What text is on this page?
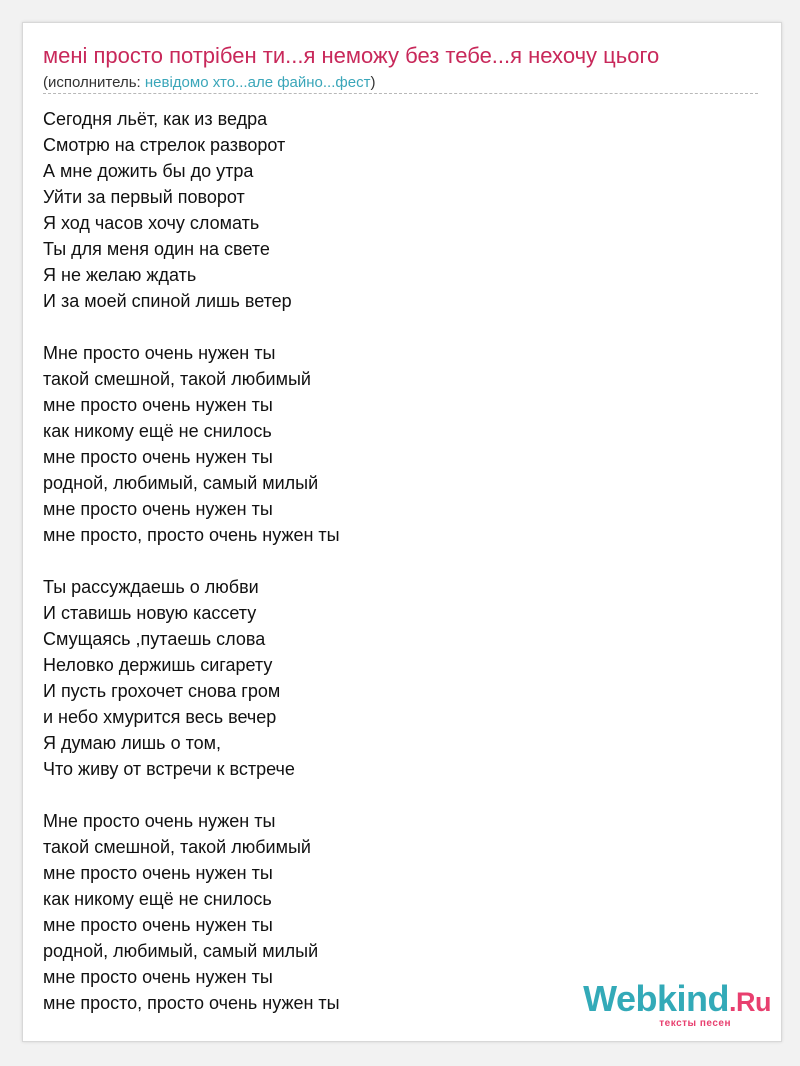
мені просто потрібен ти...я неможу без тебе...я нехочу цього
(исполнитель: невідомо хто...але файно...фест)
Сегодня льёт, как из ведра
Смотрю на стрелок разворот
А мне дожить бы до утра
Уйти за первый поворот
Я ход часов хочу сломать
Ты для меня один на свете
Я не желаю ждать
И за моей спиной лишь ветер
Мне просто очень нужен ты
такой смешной, такой любимый
мне просто очень нужен ты
как никому ещё не снилось
мне просто очень нужен ты
родной, любимый, самый милый
мне просто очень нужен ты
мне просто, просто очень нужен ты
Ты рассуждаешь о любви
И ставишь новую кассету
Смущаясь ,путаешь слова
Неловко держишь сигарету
И пусть грохочет снова гром
и небо хмурится весь вечер
Я думаю лишь о том,
Что живу от встречи к встрече
Мне просто очень нужен ты
такой смешной, такой любимый
мне просто очень нужен ты
как никому ещё не снилось
мне просто очень нужен ты
родной, любимый, самый милый
мне просто очень нужен ты
мне просто, просто очень нужен ты	Webkind.Ru
тексты песен
